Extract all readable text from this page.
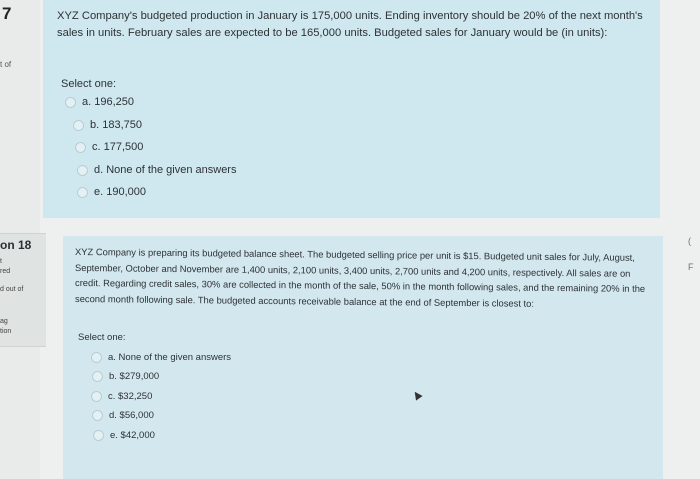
7
t of
on 18
t
red
d out of
ag
tion
XYZ Company's budgeted production in January is 175,000 units. Ending inventory should be 20% of the next month's sales in units. February sales are expected to be 165,000 units. Budgeted sales for January would be (in units):
Select one:
a. 196,250
b. 183,750
c. 177,500
d. None of the given answers
e. 190,000
XYZ Company is preparing its budgeted balance sheet. The budgeted selling price per unit is $15. Budgeted unit sales for July, August, September, October and November are 1,400 units, 2,100 units, 3,400 units, 2,700 units and 4,200 units, respectively. All sales are on credit. Regarding credit sales, 30% are collected in the month of the sale, 50% in the month following sales, and the remaining 20% in the second month following sale. The budgeted accounts receivable balance at the end of September is closest to:
Select one:
a. None of the given answers
b. $279,000
c. $32,250
d. $56,000
e. $42,000
(
F
